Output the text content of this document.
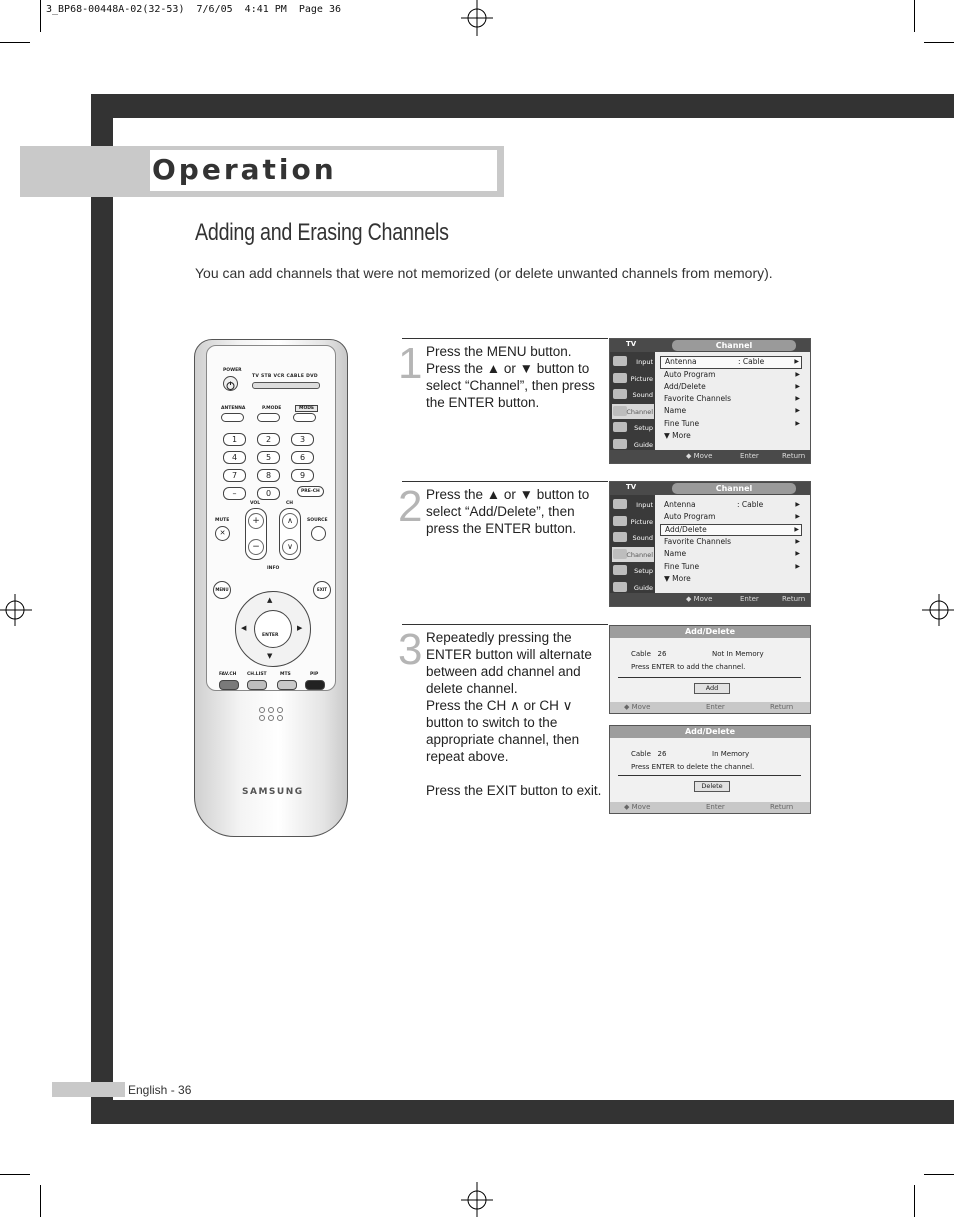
3_BP68-00448A-02(32-53)  7/6/05  4:41 PM  Page 36
Operation
Adding and Erasing Channels
You can add channels that were not memorized (or delete unwanted channels from memory).
POWER
TV STB VCR CABLE DVD
ANTENNA	P.MODE	MODE
1	2	3
4	5	6
7	8	9
–	0	PRE-CH
VOL	CH
+
−
∧
∨
MUTE
✕
SOURCE
INFO
MENU	EXIT
▲
▼
◀	▶
ENTER
FAV.CH CH.LIST	MTS	PIP
SAMSUNG
1 Press the MENU button.
Press the ▲ or ▼ button to
select “Channel”, then press
the ENTER button.
2 Press the ▲ or ▼ button to
select “Add/Delete”, then
press the ENTER button.
3 Repeatedly pressing the
ENTER button will alternate
between add channel and
delete channel.
Press the CH ∧ or CH ∨
button to switch to the
appropriate channel, then
repeat above.

Press the EXIT button to exit.
TV	Channel
Input
Picture
Sound
Channel
Setup
Guide
Antenna	: Cable	▶
Auto Program	▶
Add/Delete	▶
Favorite Channels	▶
Name	▶
Fine Tune	▶
▼ More
◆ Move	Enter	Return
TV	Channel
Input
Picture
Sound
Channel
Setup
Guide
Antenna	: Cable	▶
Auto Program	▶
Add/Delete	▶
Favorite Channels	▶
Name	▶
Fine Tune	▶
▼ More
◆ Move	Enter	Return
Add/Delete
Cable   26	Not In Memory
Press ENTER to add the channel.
Add
◆ Move	Enter	Return
Add/Delete
Cable   26	In Memory
Press ENTER to delete the channel.
Delete
◆ Move	Enter	Return
English - 36
